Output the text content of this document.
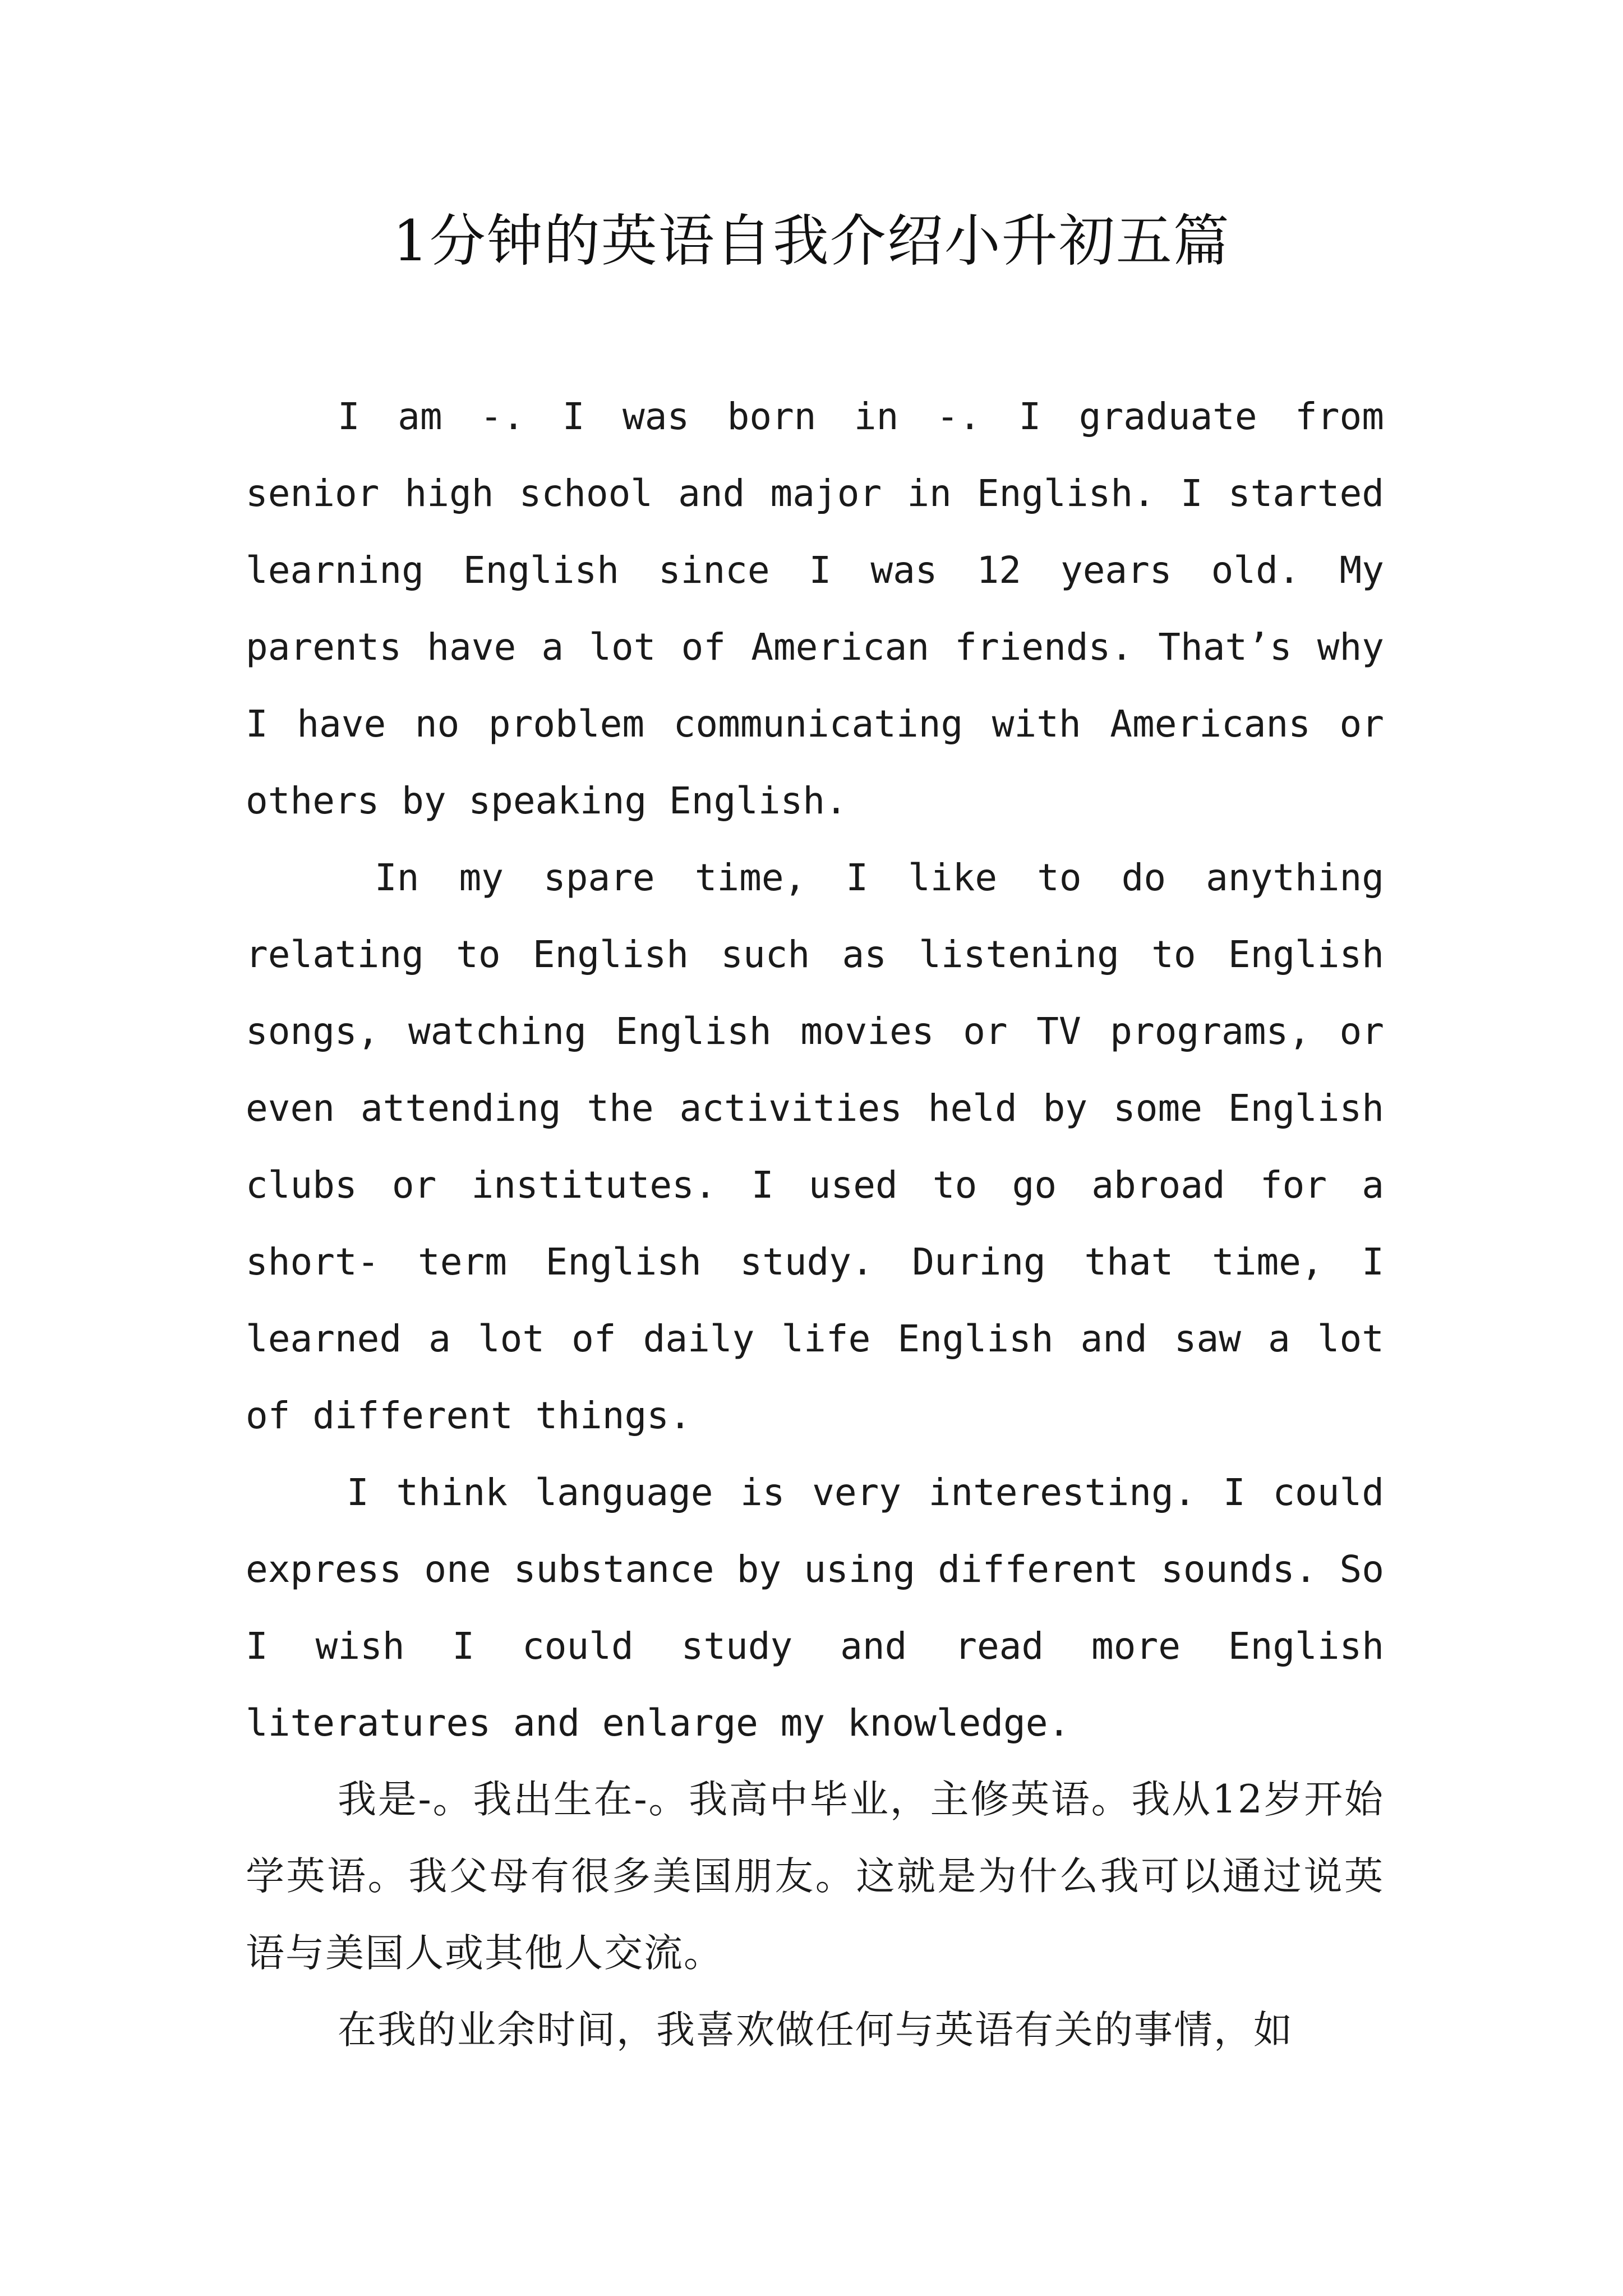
1分钟的英语自我介绍小升初五篇

I am -. I was born in -. I graduate from senior high school and major in English. I started learning English since I was 12 years old. My parents have a lot of American friends. That’s why I have no problem communicating with Americans or others by speaking English.

In my spare time, I like to do anything relating to English such as listening to English songs, watching English movies or TV programs, or even attending the activities held by some English clubs or institutes. I used to go abroad for a short- term English study. During that time, I learned a lot of daily life English and saw a lot of different things.

I think language is very interesting. I could express one substance by using different sounds. So I wish I could study and read more English literatures and enlarge my knowledge.

我是-。我出生在-。我高中毕业，主修英语。我从12岁开始学英语。我父母有很多美国朋友。这就是为什么我可以通过说英语与美国人或其他人交流。

在我的业余时间，我喜欢做任何与英语有关的事情，如
